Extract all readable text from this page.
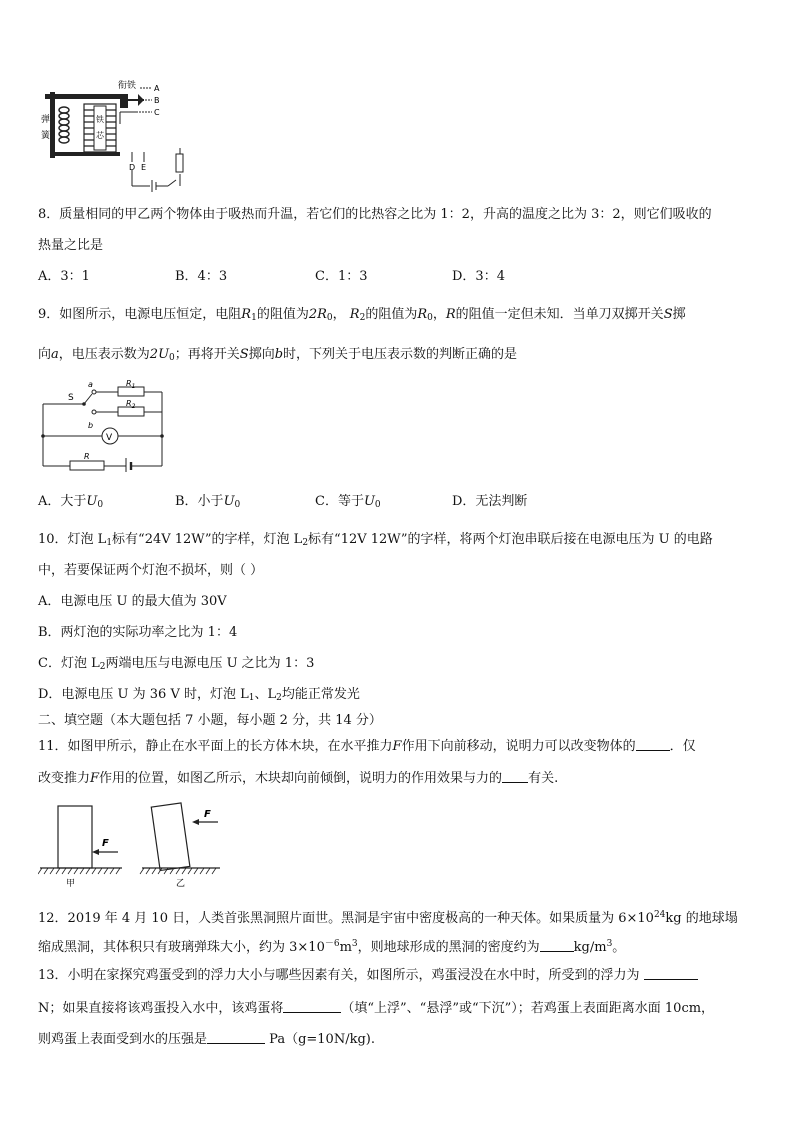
弹
簧
铁
芯
衔铁 A
B
C
D E
8．质量相同的甲乙两个物体由于吸热而升温，若它们的比热容之比为 1：2，升高的温度之比为 3：2，则它们吸收的
热量之比是
A．3：1	B．4：3	C．1：3	D．3：4
9．如图所示，电源电压恒定，电阻$R_1$的阻值为$2R_0$， $R_2$的阻值为$R_0$，R的阻值一定但未知．当单刀双掷开关S掷
向a，电压表示数为$2U_0$；再将开关S掷向b时，下列关于电压表示数的判断正确的是
S
a
b
$R_1$
$R_2$
V
R
A．大于$U_0$	B．小于$U_0$	C．等于$U_0$	D．无法判断
10．灯泡 $L_1$标有“24V 12W”的字样，灯泡 $L_2$标有“12V 12W”的字样，将两个灯泡串联后接在电源电压为 U 的电路
中，若要保证两个灯泡不损坏，则（ ）
A．电源电压 U 的最大值为 30V
B．两灯泡的实际功率之比为 1：4
C．灯泡 $L_2$两端电压与电源电压 U 之比为 1：3
D．电源电压 U 为 36 V 时，灯泡 $L_1$、$L_2$均能正常发光
二、填空题（本大题包括 7 小题，每小题 2 分，共 14 分）
11．如图甲所示，静止在水平面上的长方体木块，在水平推力F作用下向前移动，说明力可以改变物体的	．仅
改变推力F作用的位置，如图乙所示，木块却向前倾倒，说明力的作用效果与力的 有关.
F
甲
F
乙
12．2019 年 4 月 10 日，人类首张黑洞照片面世。黑洞是宇宙中密度极高的一种天体。如果质量为 $6\times 10^{24}kg$ 的地球塌
缩成黑洞，其体积只有玻璃弹珠大小，约为 $3\times 10^{-6}m^3$，则地球形成的黑洞的密度约为	$kg/m^3$。
13．小明在家探究鸡蛋受到的浮力大小与哪些因素有关，如图所示，鸡蛋浸没在水中时，所受到的浮力为
N；如果直接将该鸡蛋投入水中，该鸡蛋将	（填“上浮”、“悬浮”或“下沉”）；若鸡蛋上表面距离水面 10cm，
则鸡蛋上表面受到水的压强是	Pa（g=10N/kg).
